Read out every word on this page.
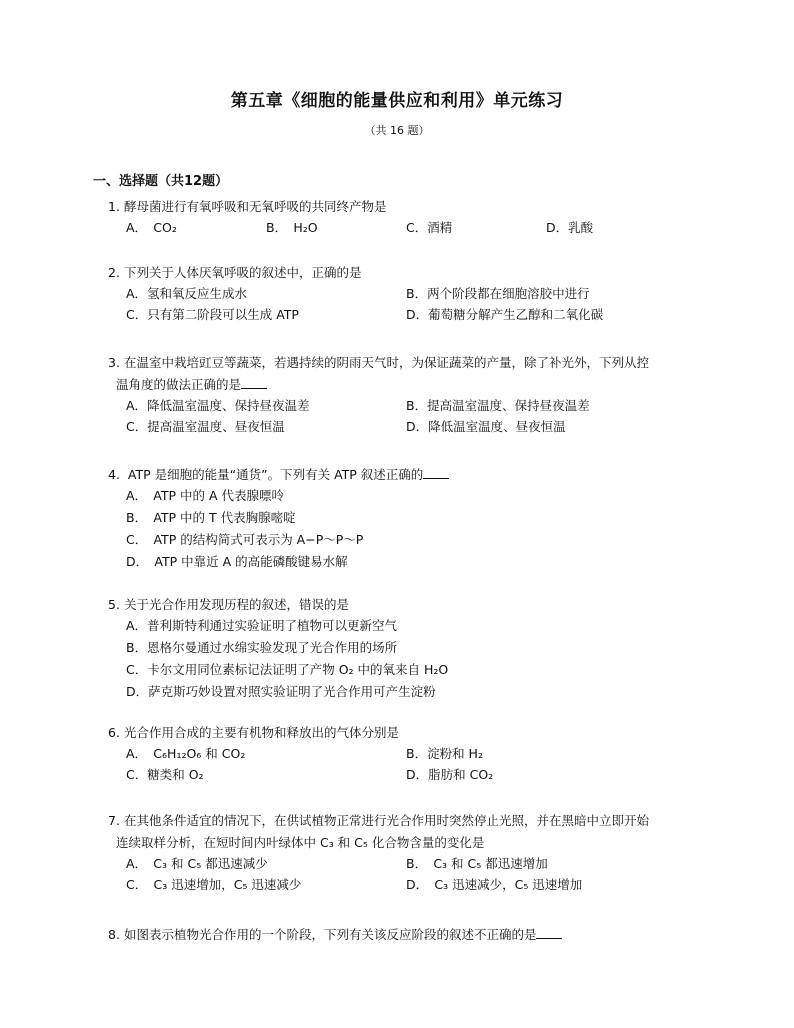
第五章《细胞的能量供应和利用》单元练习
（共 16 题）
一、选择题（共12题）
1. 酵母菌进行有氧呼吸和无氧呼吸的共同终产物是
A．　CO₂	B．　H₂O	C．酒精	D．乳酸
2. 下列关于人体厌氧呼吸的叙述中，正确的是
A．氢和氧反应生成水	B．两个阶段都在细胞溶胶中进行
C．只有第二阶段可以生成 ATP	D．葡萄糖分解产生乙醇和二氧化碳
3. 在温室中栽培豇豆等蔬菜，若遇持续的阴雨天气时，为保证蔬菜的产量，除了补光外，下列从控
温角度的做法正确的是
A．降低温室温度、保持昼夜温差	B．提高温室温度、保持昼夜温差
C．提高温室温度、昼夜恒温	D．降低温室温度、昼夜恒温
4. ATP 是细胞的能量“通货”。下列有关 ATP 叙述正确的
A．　ATP 中的 A 代表腺嘌呤
B．　ATP 中的 T 代表胸腺嘧啶
C．　ATP 的结构简式可表示为 A−P～P～P
D．　ATP 中靠近 A 的高能磷酸键易水解
5. 关于光合作用发现历程的叙述，错误的是
A．普利斯特利通过实验证明了植物可以更新空气
B．恩格尔曼通过水绵实验发现了光合作用的场所
C．卡尔文用同位素标记法证明了产物 O₂ 中的氧来自 H₂O
D．萨克斯巧妙设置对照实验证明了光合作用可产生淀粉
6. 光合作用合成的主要有机物和释放出的气体分别是
A．　C₆H₁₂O₆ 和 CO₂	B．淀粉和 H₂
C．糖类和 O₂	D．脂肪和 CO₂
7. 在其他条件适宜的情况下，在供试植物正常进行光合作用时突然停止光照，并在黑暗中立即开始
连续取样分析，在短时间内叶绿体中 C₃ 和 C₅ 化合物含量的变化是
A．　C₃ 和 C₅ 都迅速减少	B．　C₃ 和 C₅ 都迅速增加
C．　C₃ 迅速增加，C₅ 迅速减少	D．　C₃ 迅速减少，C₅ 迅速增加
8. 如图表示植物光合作用的一个阶段，下列有关该反应阶段的叙述不正确的是
